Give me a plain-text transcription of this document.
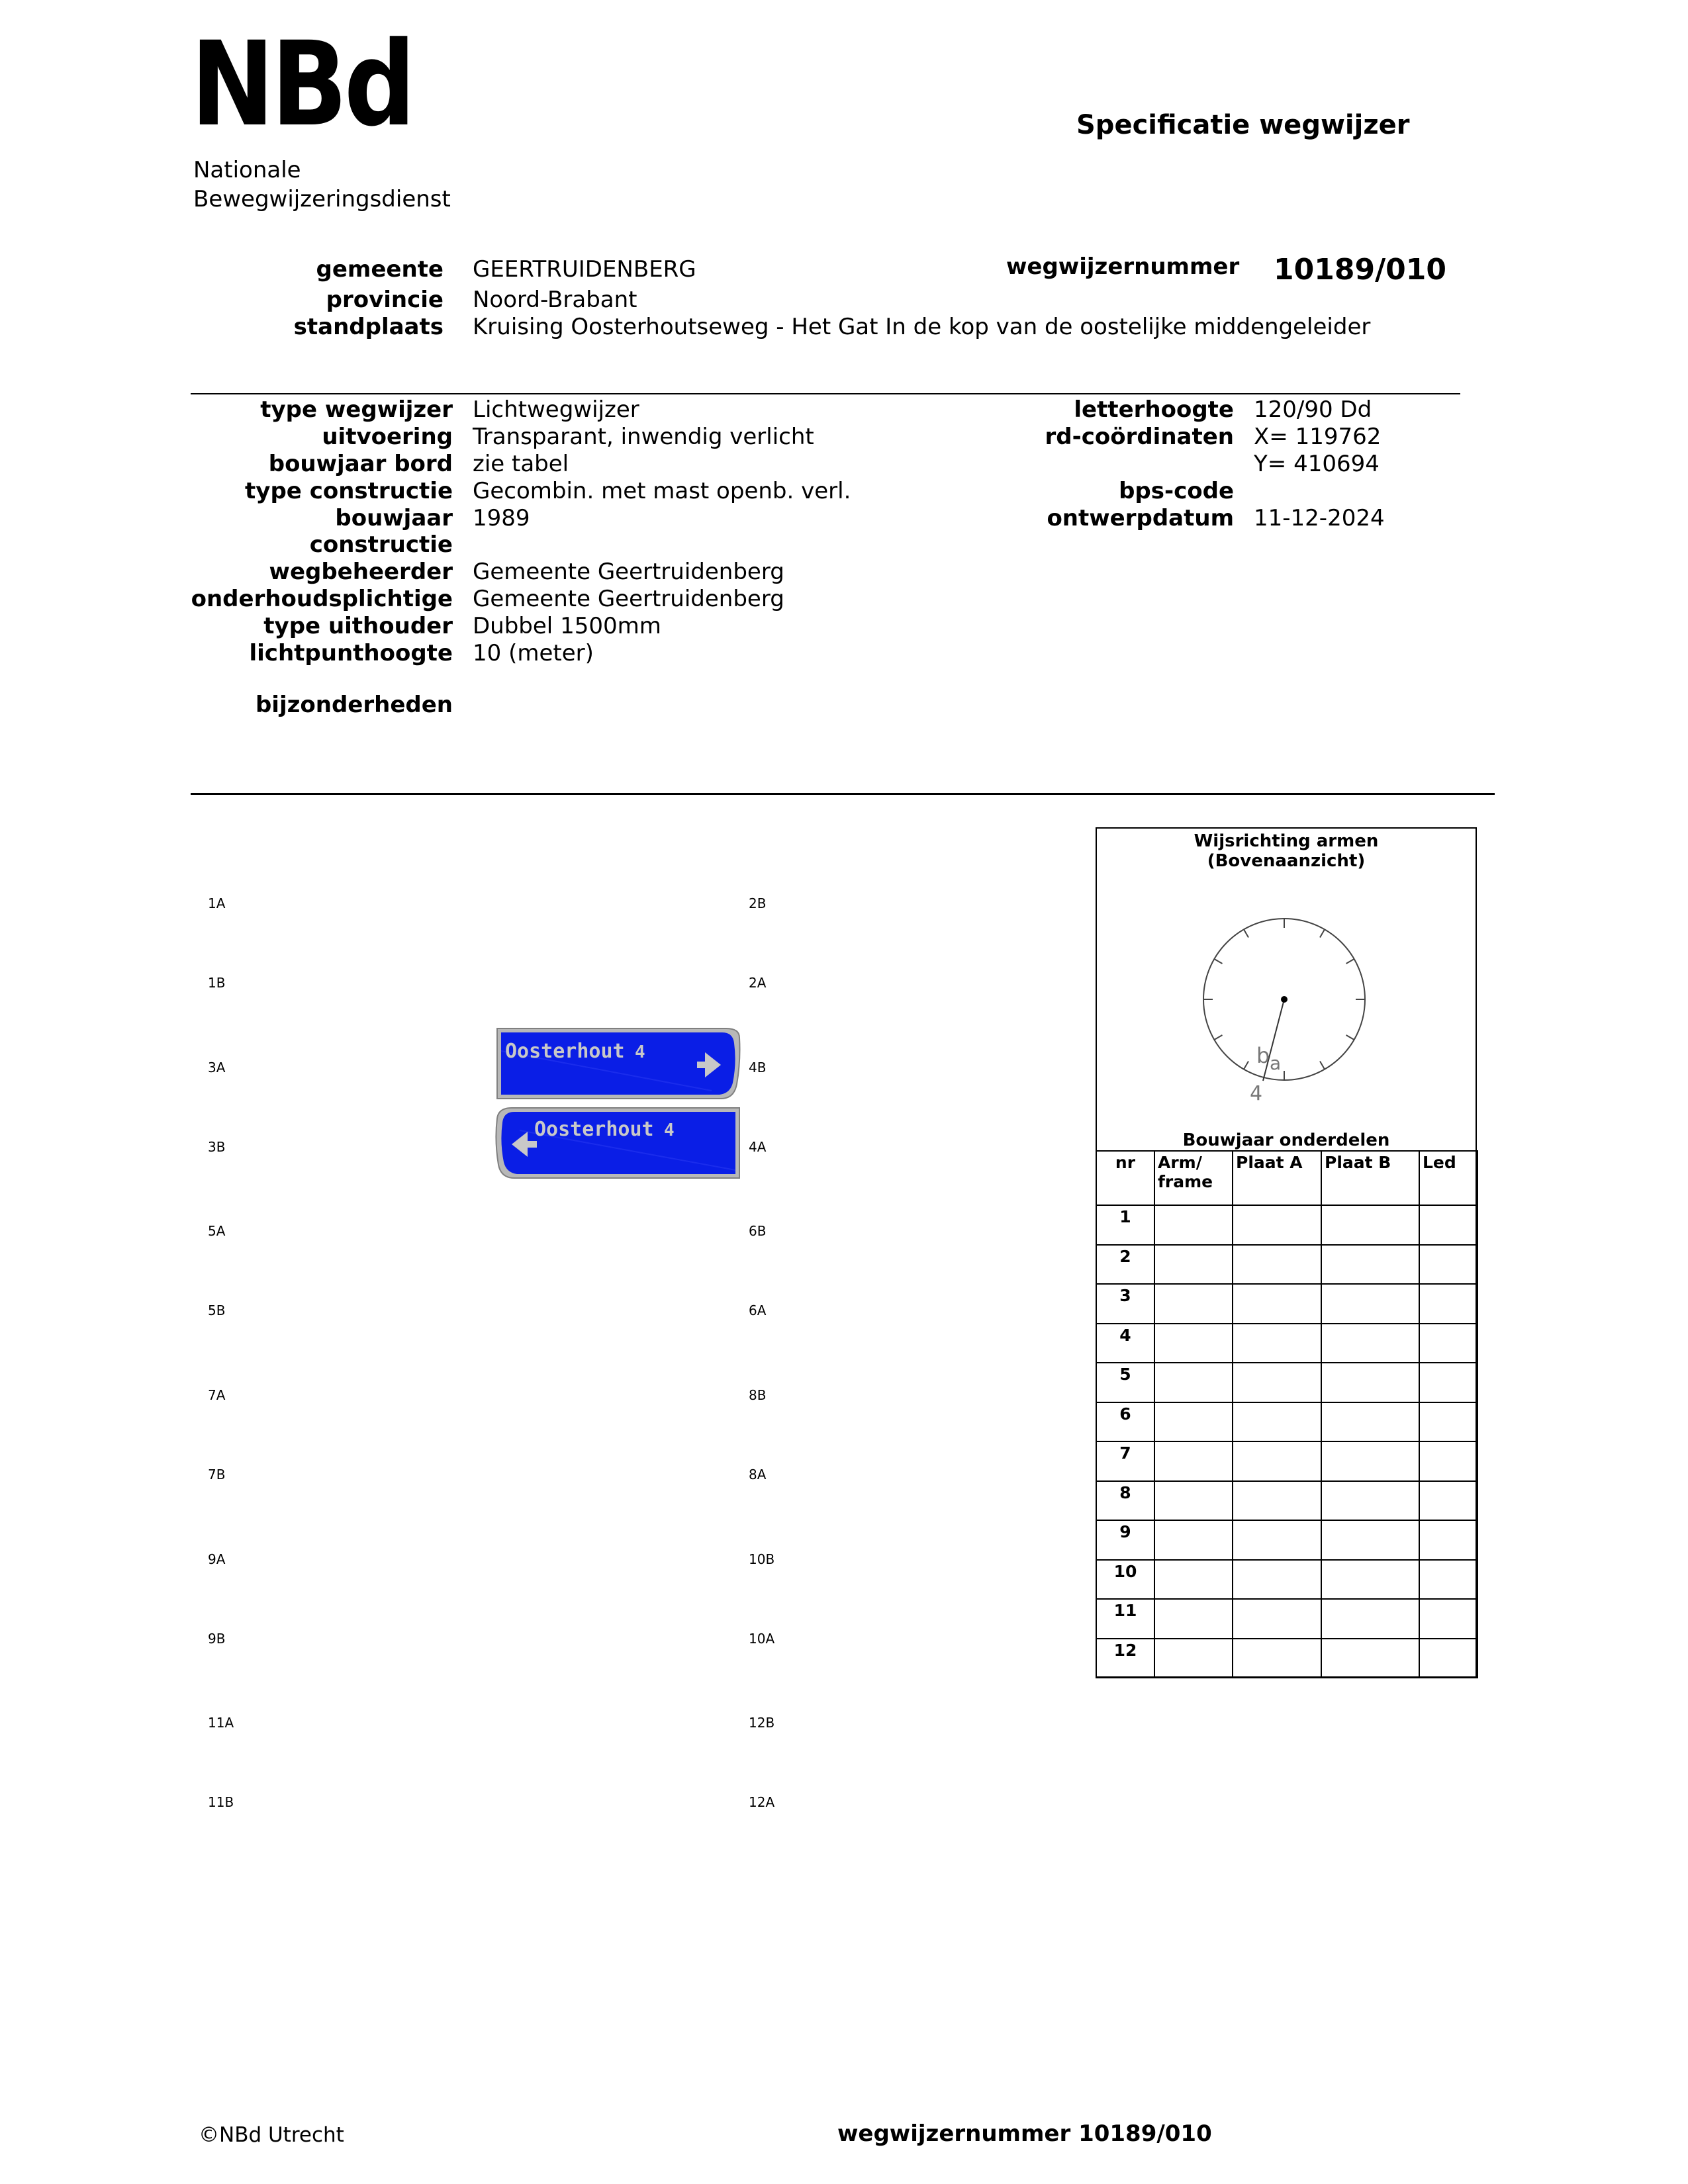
NBd
Nationale
Bewegwijzeringsdienst
Specificatie wegwijzer
gemeente GEERTRUIDENBERG
provincie Noord-Brabant
standplaats Kruising Oosterhoutseweg - Het Gat In de kop van de oostelijke middengeleider
wegwijzernummer 10189/010
type wegwijzer Lichtwegwijzer
uitvoering Transparant, inwendig verlicht
bouwjaar bord zie tabel
type constructie Gecombin. met mast openb. verl.
bouwjaar
constructie
1989
wegbeheerder Gemeente Geertruidenberg
onderhoudsplichtige Gemeente Geertruidenberg
type uithouder Dubbel 1500mm
lichtpunthoogte 10 (meter)
bijzonderheden
letterhoogte 120/90 Dd
rd-coördinaten X= 119762
Y= 410694
bps-code
ontwerpdatum 11-12-2024
1A
1B
3A
3B
5A
5B
7A
7B
9A
9B
11A
11B
2B
2A
4B
4A
6B
6A
8B
8A
10B
10A
12B
12A
Oosterhout 4
Oosterhout 4
Wijsrichting armen
(Bovenaanzicht)
b a
4
Bouwjaar onderdelen
nr	Arm/ frame	Plaat A	Plaat B	Led
1				
2				
3				
4				
5				
6				
7				
8				
9				
10				
11				
12				
©NBd Utrecht	wegwijzernummer 10189/010
